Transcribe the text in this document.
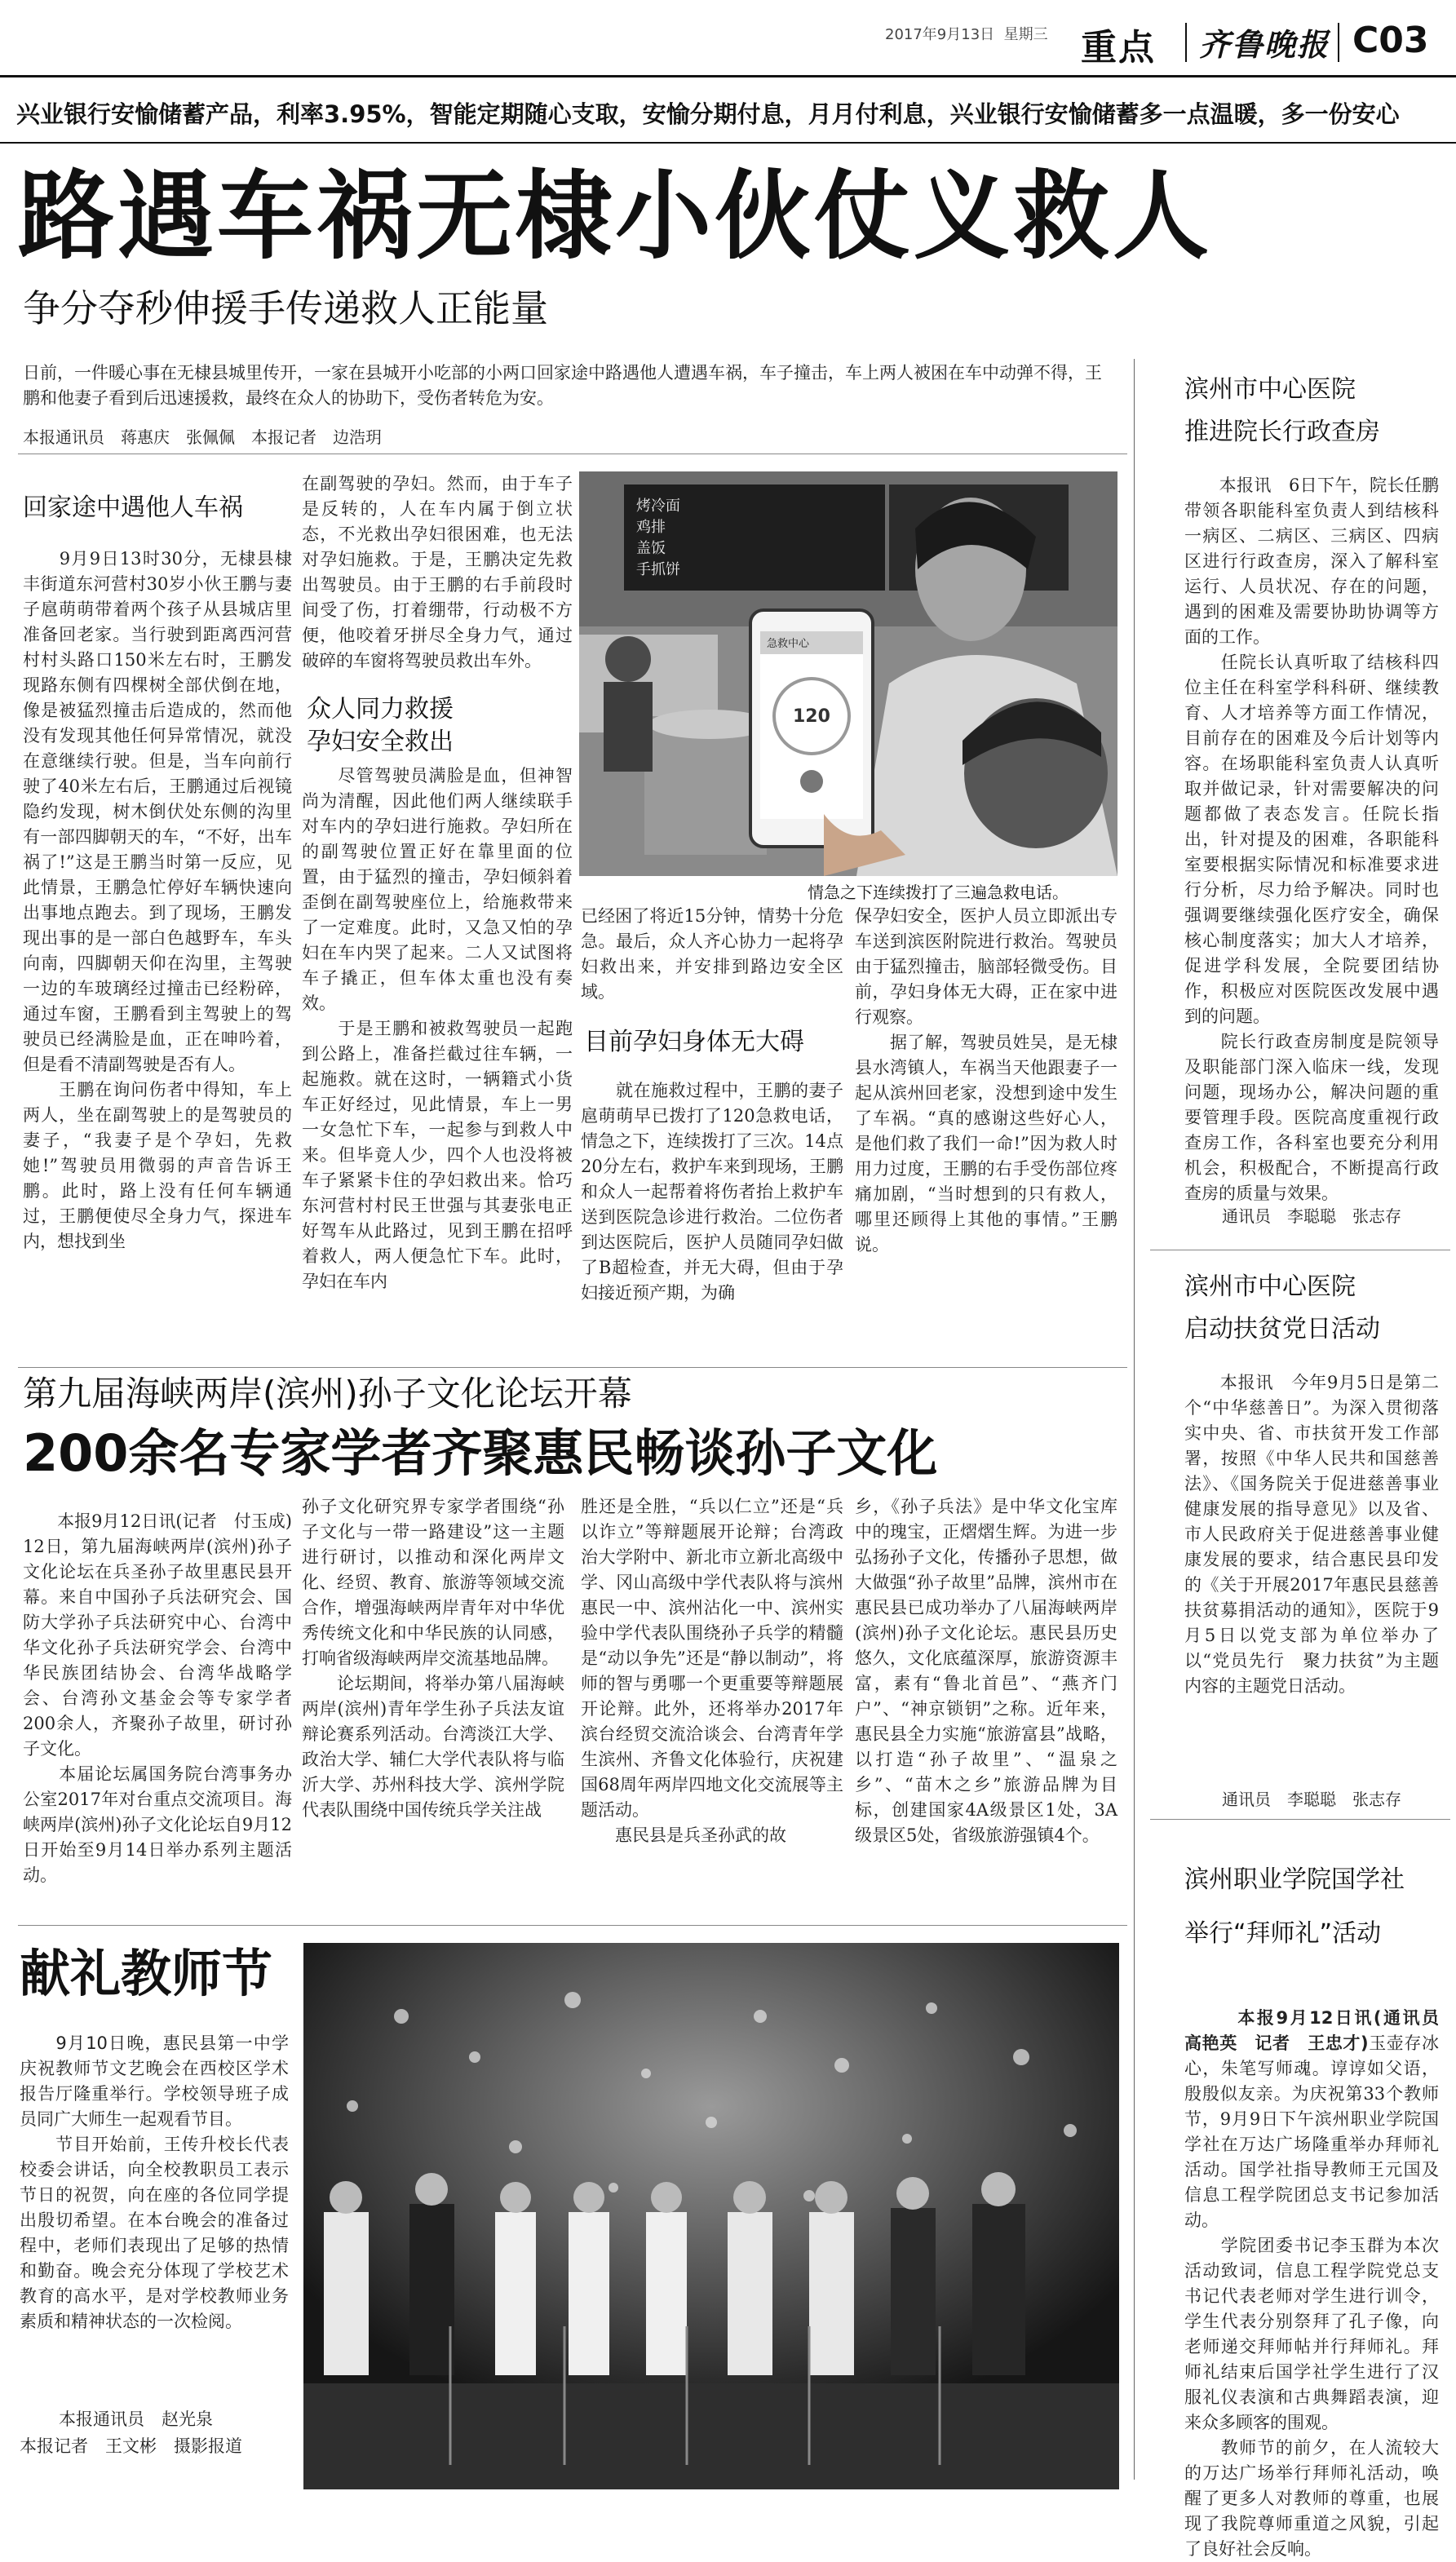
2017年9月13日 星期三 重点 齐鲁晚报 C03
兴业银行安愉储蓄产品，利率3.95%，智能定期随心支取，安愉分期付息，月月付利息，兴业银行安愉储蓄多一点温暖，多一份安心
路遇车祸无棣小伙仗义救人
争分夺秒伸援手传递救人正能量
日前，一件暖心事在无棣县城里传开，一家在县城开小吃部的小两口回家途中路遇他人遭遇车祸，车子撞击，车上两人被困在车中动弹不得，王鹏和他妻子看到后迅速援救，最终在众人的协助下，受伤者转危为安。
本报通讯员　蒋惠庆　张佩佩　本报记者　边浩玥
回家途中遇他人车祸
　　9月9日13时30分，无棣县棣丰街道东河营村30岁小伙王鹏与妻子扈萌萌带着两个孩子从县城店里准备回老家。当行驶到距离西河营村村头路口150米左右时，王鹏发现路东侧有四棵树全部伏倒在地，像是被猛烈撞击后造成的，然而他没有发现其他任何异常情况，就没在意继续行驶。但是，当车向前行驶了40米左右后，王鹏通过后视镜隐约发现，树木倒伏处东侧的沟里有一部四脚朝天的车，“不好，出车祸了!”这是王鹏当时第一反应，见此情景，王鹏急忙停好车辆快速向出事地点跑去。到了现场，王鹏发现出事的是一部白色越野车，车头向南，四脚朝天仰在沟里，主驾驶一边的车玻璃经过撞击已经粉碎，通过车窗，王鹏看到主驾驶上的驾驶员已经满脸是血，正在呻吟着，但是看不清副驾驶是否有人。
　　王鹏在询问伤者中得知，车上两人，坐在副驾驶上的是驾驶员的妻子，“我妻子是个孕妇，先救她!”驾驶员用微弱的声音告诉王鹏。此时，路上没有任何车辆通过，王鹏便使尽全身力气，探进车内，想找到坐
在副驾驶的孕妇。然而，由于车子是反转的，人在车内属于倒立状态，不光救出孕妇很困难，也无法对孕妇施救。于是，王鹏决定先救出驾驶员。由于王鹏的右手前段时间受了伤，打着绷带，行动极不方便，他咬着牙拼尽全身力气，通过破碎的车窗将驾驶员救出车外。
众人同力救援
孕妇安全救出
　　尽管驾驶员满脸是血，但神智尚为清醒，因此他们两人继续联手对车内的孕妇进行施救。孕妇所在的副驾驶位置正好在靠里面的位置，由于猛烈的撞击，孕妇倾斜着歪倒在副驾驶座位上，给施救带来了一定难度。此时，又急又怕的孕妇在车内哭了起来。二人又试图将车子撬正，但车体太重也没有奏效。
　　于是王鹏和被救驾驶员一起跑到公路上，准备拦截过往车辆，一起施救。就在这时，一辆籍式小货车正好经过，见此情景，车上一男一女急忙下车，一起参与到救人中来。但毕竟人少，四个人也没将被车子紧紧卡住的孕妇救出来。恰巧东河营村村民王世强与其妻张电正好驾车从此路过，见到王鹏在招呼着救人，两人便急忙下车。此时，孕妇在车内
急救中心
120
烤冷面
鸡排
盖饭
手抓饼
情急之下连续拨打了三遍急救电话。
已经困了将近15分钟，情势十分危急。最后，众人齐心协力一起将孕妇救出来，并安排到路边安全区域。
目前孕妇身体无大碍
　　就在施救过程中，王鹏的妻子扈萌萌早已拨打了120急救电话，情急之下，连续拨打了三次。14点20分左右，救护车来到现场，王鹏和众人一起帮着将伤者抬上救护车送到医院急诊进行救治。二位伤者到达医院后，医护人员随同孕妇做了B超检查，并无大碍，但由于孕妇接近预产期，为确
保孕妇安全，医护人员立即派出专车送到滨医附院进行救治。驾驶员由于猛烈撞击，脑部轻微受伤。目前，孕妇身体无大碍，正在家中进行观察。
　　据了解，驾驶员姓吴，是无棣县水湾镇人，车祸当天他跟妻子一起从滨州回老家，没想到途中发生了车祸。“真的感谢这些好心人，是他们救了我们一命!”因为救人时用力过度，王鹏的右手受伤部位疼痛加剧，“当时想到的只有救人，哪里还顾得上其他的事情。”王鹏说。
滨州市中心医院
推进院长行政查房
　　本报讯　6日下午，院长任鹏带领各职能科室负责人到结核科一病区、二病区、三病区、四病区进行行政查房，深入了解科室运行、人员状况、存在的问题，遇到的困难及需要协助协调等方面的工作。
　　任院长认真听取了结核科四位主任在科室学科科研、继续教育、人才培养等方面工作情况，目前存在的困难及今后计划等内容。在场职能科室负责人认真听取并做记录，针对需要解决的问题都做了表态发言。任院长指出，针对提及的困难，各职能科室要根据实际情况和标准要求进行分析，尽力给予解决。同时也强调要继续强化医疗安全，确保核心制度落实；加大人才培养，促进学科发展，全院要团结协作，积极应对医院医改发展中遇到的问题。
　　院长行政查房制度是院领导及职能部门深入临床一线，发现问题，现场办公，解决问题的重要管理手段。医院高度重视行政查房工作，各科室也要充分利用机会，积极配合，不断提高行政查房的质量与效果。
通讯员　李聪聪　张志存
滨州市中心医院
启动扶贫党日活动
　　本报讯　今年9月5日是第二个“中华慈善日”。为深入贯彻落实中央、省、市扶贫开发工作部署，按照《中华人民共和国慈善法》、《国务院关于促进慈善事业健康发展的指导意见》以及省、市人民政府关于促进慈善事业健康发展的要求，结合惠民县印发的《关于开展2017年惠民县慈善扶贫募捐活动的通知》，医院于9月5日以党支部为单位举办了以“党员先行　聚力扶贫”为主题内容的主题党日活动。
通讯员　李聪聪　张志存
滨州职业学院国学社
举行“拜师礼”活动

　　本报9月12日讯(通讯员　高艳英　记者　王忠才)玉壶存冰心，朱笔写师魂。谆谆如父语，殷殷似友亲。为庆祝第33个教师节，9月9日下午滨州职业学院国学社在万达广场隆重举办拜师礼活动。国学社指导教师王元国及信息工程学院团总支书记参加活动。
　　学院团委书记李玉群为本次活动致词，信息工程学院党总支书记代表老师对学生进行训令，学生代表分别祭拜了孔子像，向老师递交拜师帖并行拜师礼。拜师礼结束后国学社学生进行了汉服礼仪表演和古典舞蹈表演，迎来众多顾客的围观。
　　教师节的前夕，在人流较大的万达广场举行拜师礼活动，唤醒了更多人对教师的尊重，也展现了我院尊师重道之风貌，引起了良好社会反响。

第九届海峡两岸(滨州)孙子文化论坛开幕
200余名专家学者齐聚惠民畅谈孙子文化
　　本报9月12日讯(记者　付玉成)　12日，第九届海峡两岸(滨州)孙子文化论坛在兵圣孙子故里惠民县开幕。来自中国孙子兵法研究会、国防大学孙子兵法研究中心、台湾中华文化孙子兵法研究学会、台湾中华民族团结协会、台湾华战略学会、台湾孙文基金会等专家学者200余人，齐聚孙子故里，研讨孙子文化。
　　本届论坛属国务院台湾事务办公室2017年对台重点交流项目。海峡两岸(滨州)孙子文化论坛自9月12日开始至9月14日举办系列主题活动。
孙子文化研究界专家学者围绕“孙子文化与一带一路建设”这一主题进行研讨，以推动和深化两岸文化、经贸、教育、旅游等领域交流合作，增强海峡两岸青年对中华优秀传统文化和中华民族的认同感，打响省级海峡两岸交流基地品牌。
　　论坛期间，将举办第八届海峡两岸(滨州)青年学生孙子兵法友谊辩论赛系列活动。台湾淡江大学、政治大学、辅仁大学代表队将与临沂大学、苏州科技大学、滨州学院代表队围绕中国传统兵学关注战
胜还是全胜，“兵以仁立”还是“兵以诈立”等辩题展开论辩；台湾政治大学附中、新北市立新北高级中学、冈山高级中学代表队将与滨州惠民一中、滨州沾化一中、滨州实验中学代表队围绕孙子兵学的精髓是“动以争先”还是“静以制动”，将师的智与勇哪一个更重要等辩题展开论辩。此外，还将举办2017年滨台经贸交流洽谈会、台湾青年学生滨州、齐鲁文化体验行，庆祝建国68周年两岸四地文化交流展等主题活动。
　　惠民县是兵圣孙武的故
乡，《孙子兵法》是中华文化宝库中的瑰宝，正熠熠生辉。为进一步弘扬孙子文化，传播孙子思想，做大做强“孙子故里”品牌，滨州市在惠民县已成功举办了八届海峡两岸(滨州)孙子文化论坛。惠民县历史悠久，文化底蕴深厚，旅游资源丰富，素有“鲁北首邑”、“燕齐门户”、“神京锁钥”之称。近年来，惠民县全力实施“旅游富县”战略，以打造“孙子故里”、“温泉之乡”、“苗木之乡”旅游品牌为目标，创建国家4A级景区1处，3A级景区5处，省级旅游强镇4个。
献礼教师节
　　9月10日晚，惠民县第一中学庆祝教师节文艺晚会在西校区学术报告厅隆重举行。学校领导班子成员同广大师生一起观看节目。
　　节目开始前，王传升校长代表校委会讲话，向全校教职员工表示节日的祝贺，向在座的各位同学提出殷切希望。在本台晚会的准备过程中，老师们表现出了足够的热情和勤奋。晚会充分体现了学校艺术教育的高水平，是对学校教师业务素质和精神状态的一次检阅。
本报通讯员　赵光泉
本报记者　王文彬　摄影报道
